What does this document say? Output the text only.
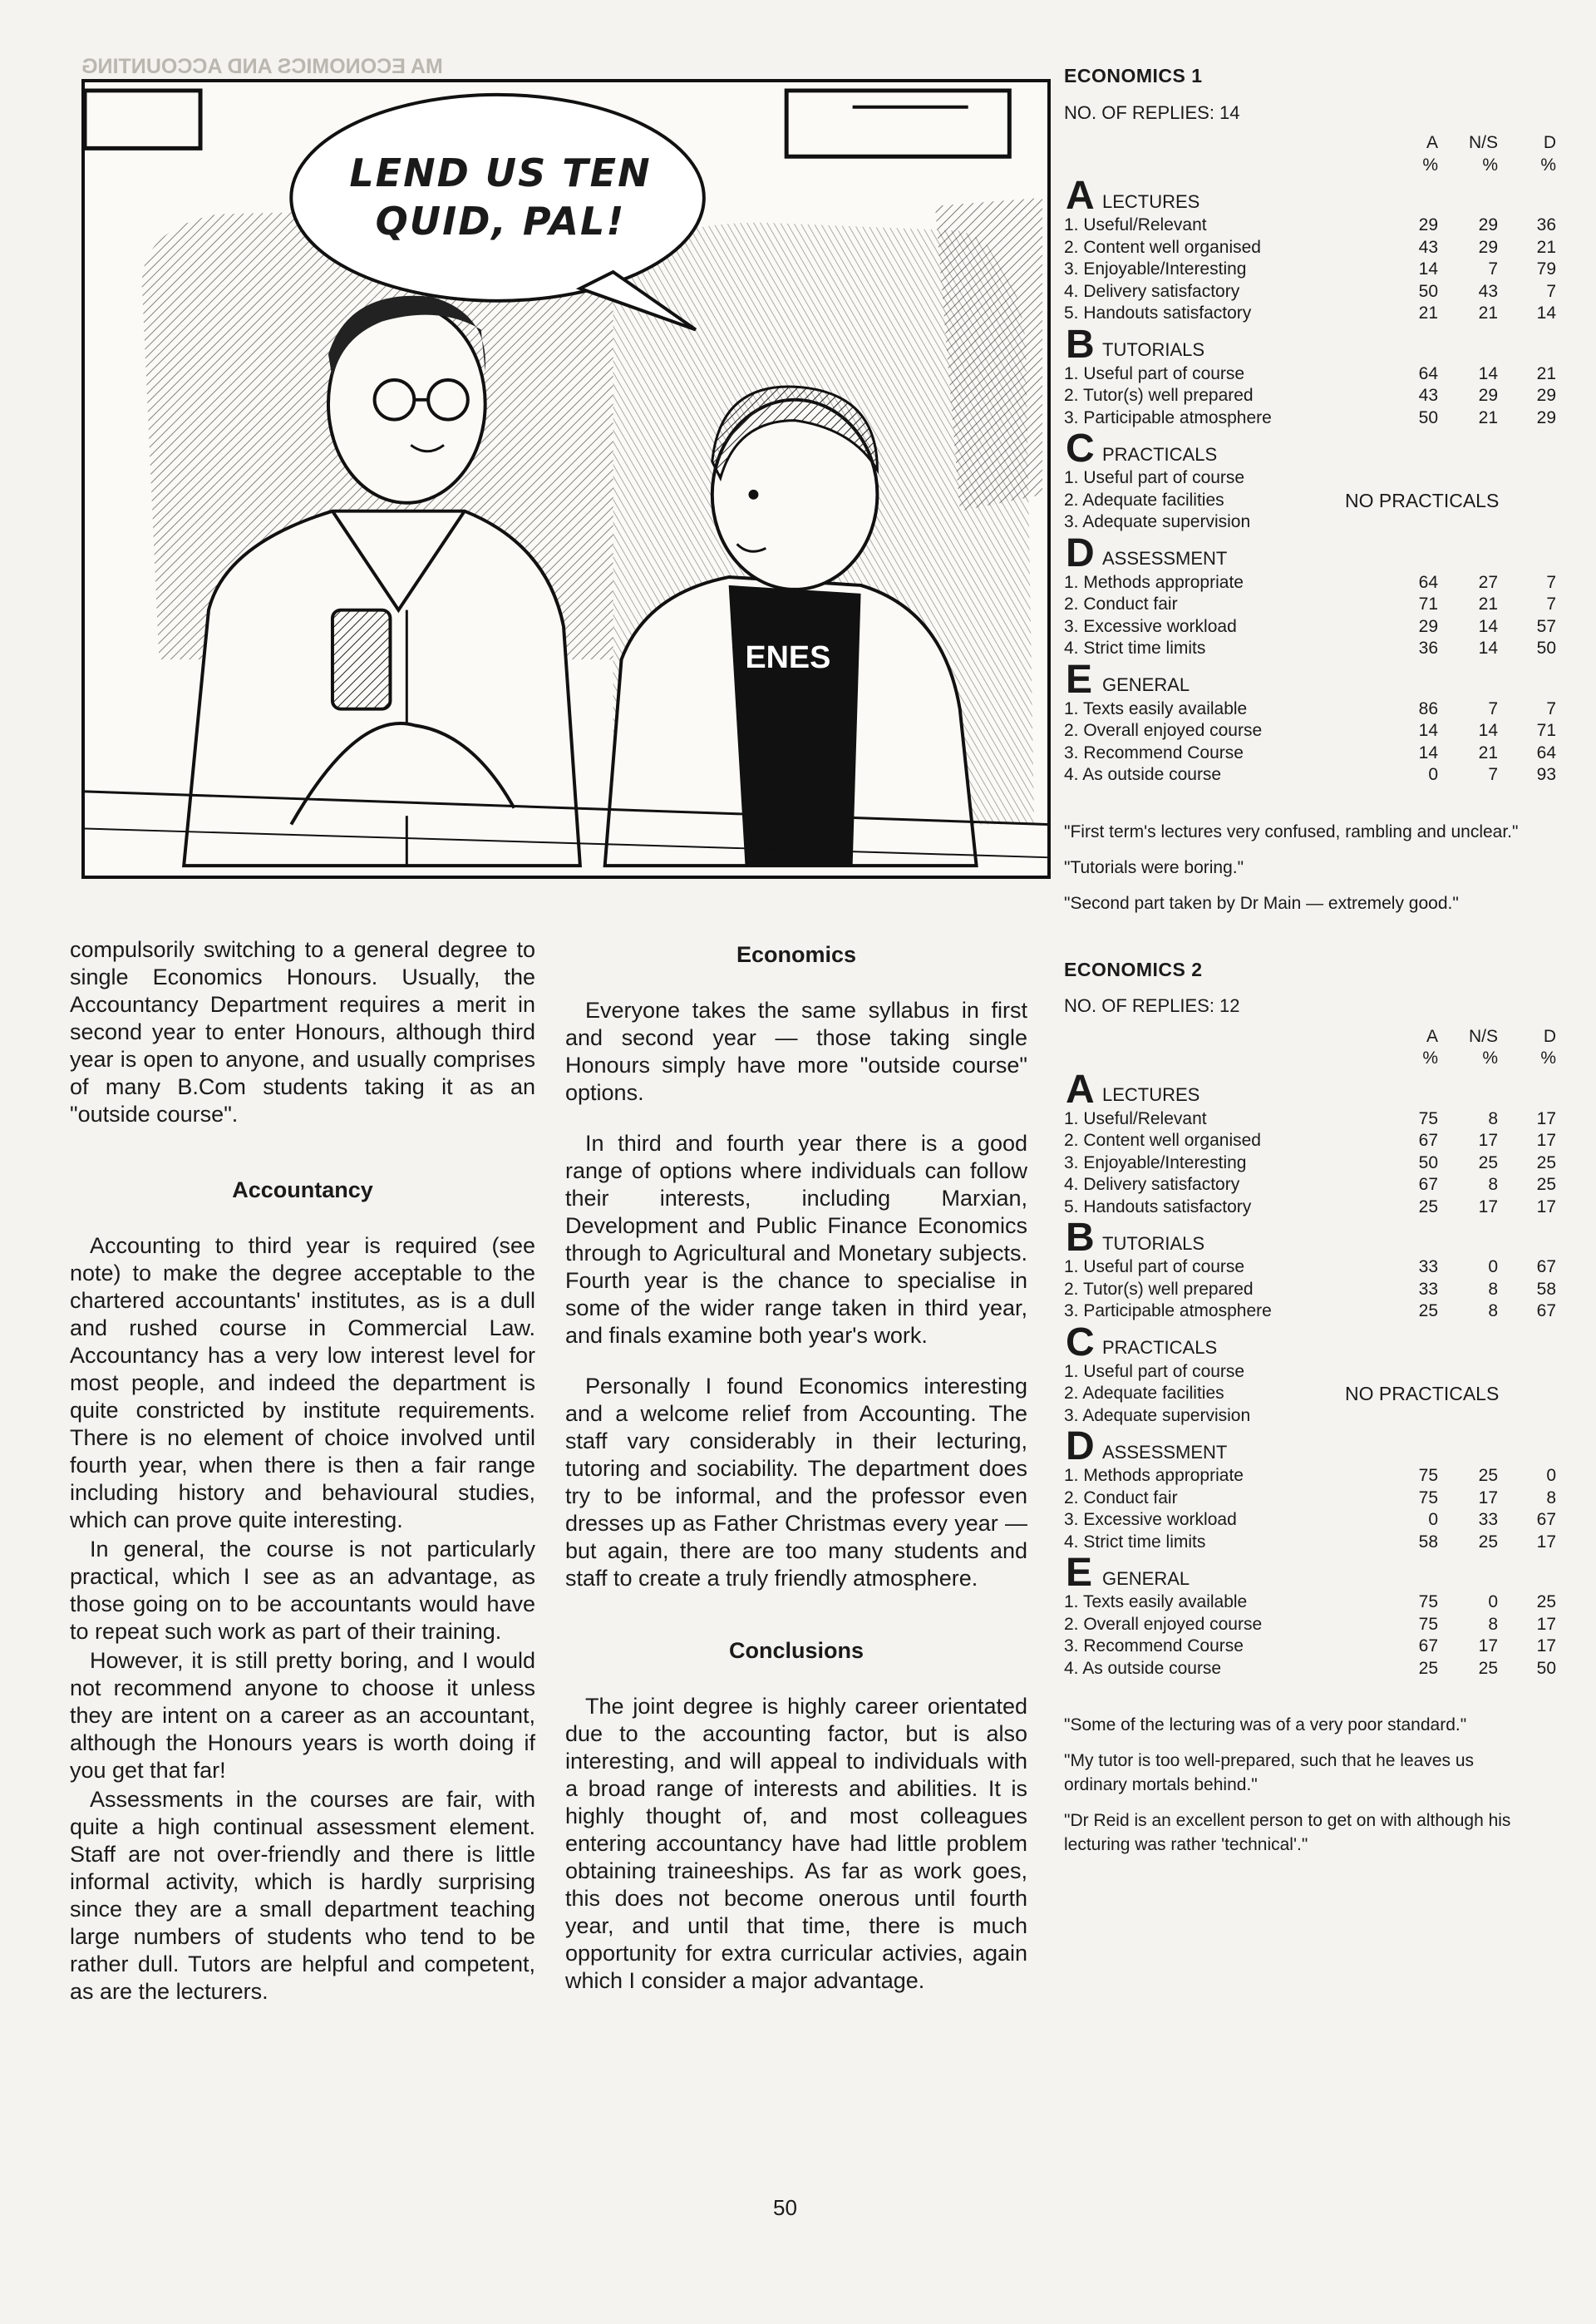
MA ECONOMICS AND ACCOUNTING
ENES
LEND US TEN QUID, PAL!

compulsorily switching to a general degree to single Economics Honours. Usually, the Accountancy Department requires a merit in second year to enter Honours, although third year is open to anyone, and usually comprises of many B.Com students taking it as an "outside course".

Accountancy

Accounting to third year is required (see note) to make the degree acceptable to the chartered accountants' institutes, as is a dull and rushed course in Commercial Law. Accountancy has a very low interest level for most people, and indeed the department is quite constricted by institute requirements. There is no element of choice involved until fourth year, when there is then a fair range including history and behavioural studies, which can prove quite interesting.

In general, the course is not particularly practical, which I see as an advantage, as those going on to be accountants would have to repeat such work as part of their training.

However, it is still pretty boring, and I would not recommend anyone to choose it unless they are intent on a career as an accountant, although the Honours years is worth doing if you get that far!

Assessments in the courses are fair, with quite a high continual assessment element. Staff are not over-friendly and there is little informal activity, which is hardly surprising since they are a small department teaching large numbers of students who tend to be rather dull. Tutors are helpful and competent, as are the lecturers.

Economics

Everyone takes the same syllabus in first and second year — those taking single Honours simply have more "outside course" options.

In third and fourth year there is a good range of options where individuals can follow their interests, including Marxian, Development and Public Finance Economics through to Agricultural and Monetary subjects. Fourth year is the chance to specialise in some of the wider range taken in third year, and finals examine both year's work.

Personally I found Economics interesting and a welcome relief from Accounting. The staff vary considerably in their lecturing, tutoring and sociability. The department does try to be informal, and the professor even dresses up as Father Christmas every year — but again, there are too many students and staff to create a truly friendly atmosphere.

Conclusions

The joint degree is highly career orientated due to the accounting factor, but is also interesting, and will appeal to individuals with a broad range of interests and abilities. It is highly thought of, and most colleagues entering accountancy have had little problem obtaining traineeships. As far as work goes, this does not become onerous until fourth year, and until that time, there is much opportunity for extra curricular activies, again which I consider a major advantage.

ECONOMICS 1
NO. OF REPLIES: 14
A	N/S	D
%	%	%
A LECTURES
1. Useful/Relevant	29	29	36
2. Content well organised	43	29	21
3. Enjoyable/Interesting	14	7	79
4. Delivery satisfactory	50	43	7
5. Handouts satisfactory	21	21	14
B TUTORIALS
1. Useful part of course	64	14	21
2. Tutor(s) well prepared	43	29	29
3. Participable atmosphere	50	21	29
C PRACTICALS
1. Useful part of course
2. Adequate facilities	NO PRACTICALS
3. Adequate supervision
D ASSESSMENT
1. Methods appropriate	64	27	7
2. Conduct fair	71	21	7
3. Excessive workload	29	14	57
4. Strict time limits	36	14	50
E GENERAL
1. Texts easily available	86	7	7
2. Overall enjoyed course	14	14	71
3. Recommend Course	14	21	64
4. As outside course	0	7	93
"First term's lectures very confused, rambling and unclear."
"Tutorials were boring."
"Second part taken by Dr Main — extremely good."
ECONOMICS 2
NO. OF REPLIES: 12
A	N/S	D
%	%	%
A LECTURES
1. Useful/Relevant	75	8	17
2. Content well organised	67	17	17
3. Enjoyable/Interesting	50	25	25
4. Delivery satisfactory	67	8	25
5. Handouts satisfactory	25	17	17
B TUTORIALS
1. Useful part of course	33	0	67
2. Tutor(s) well prepared	33	8	58
3. Participable atmosphere	25	8	67
C PRACTICALS
1. Useful part of course
2. Adequate facilities	NO PRACTICALS
3. Adequate supervision
D ASSESSMENT
1. Methods appropriate	75	25	0
2. Conduct fair	75	17	8
3. Excessive workload	0	33	67
4. Strict time limits	58	25	17
E GENERAL
1. Texts easily available	75	0	25
2. Overall enjoyed course	75	8	17
3. Recommend Course	67	17	17
4. As outside course	25	25	50
"Some of the lecturing was of a very poor standard."
"My tutor is too well-prepared, such that he leaves us ordinary mortals behind."
"Dr Reid is an excellent person to get on with although his lecturing was rather 'technical'."
50
